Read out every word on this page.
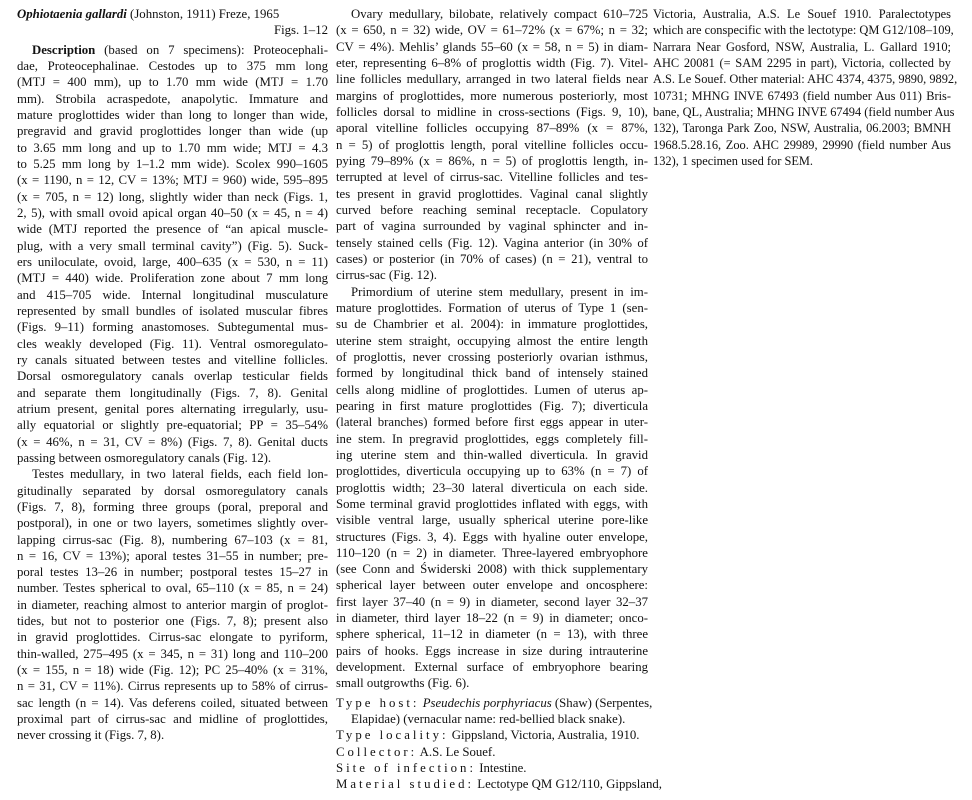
Ophiotaenia gallardi (Johnston, 1911) Freze, 1965
Figs. 1–12
Description (based on 7 specimens): Proteocephali-
dae, Proteocephalinae. Cestodes up to 375 mm long
(MTJ = 400 mm), up to 1.70 mm wide (MTJ = 1.70
mm). Strobila acraspedote, anapolytic. Immature and
mature proglottides wider than long to longer than wide,
pregravid and gravid proglottides longer than wide (up
to 3.65 mm long and up to 1.70 mm wide; MTJ = 4.3
to 5.25 mm long by 1–1.2 mm wide). Scolex 990–1605
(x = 1190, n = 12, CV = 13%; MTJ = 960) wide, 595–895
(x = 705, n = 12) long, slightly wider than neck (Figs. 1,
2, 5), with small ovoid apical organ 40–50 (x = 45, n = 4)
wide (MTJ reported the presence of “an apical muscle-
plug, with a very small terminal cavity”) (Fig. 5). Suck-
ers uniloculate, ovoid, large, 400–635 (x = 530, n = 11)
(MTJ = 440) wide. Proliferation zone about 7 mm long
and 415–705 wide. Internal longitudinal musculature
represented by small bundles of isolated muscular fibres
(Figs. 9–11) forming anastomoses. Subtegumental mus-
cles weakly developed (Fig. 11). Ventral osmoregulato-
ry canals situated between testes and vitelline follicles.
Dorsal osmoregulatory canals overlap testicular fields
and separate them longitudinally (Figs. 7, 8). Genital
atrium present, genital pores alternating irregularly, usu-
ally equatorial or slightly pre-equatorial; PP = 35–54%
(x = 46%, n = 31, CV = 8%) (Figs. 7, 8). Genital ducts
passing between osmoregulatory canals (Fig. 12).
Testes medullary, in two lateral fields, each field lon-
gitudinally separated by dorsal osmoregulatory canals
(Figs. 7, 8), forming three groups (poral, preporal and
postporal), in one or two layers, sometimes slightly over-
lapping cirrus-sac (Fig. 8), numbering 67–103 (x = 81,
n = 16, CV = 13%); aporal testes 31–55 in number; pre-
poral testes 13–26 in number; postporal testes 15–27 in
number. Testes spherical to oval, 65–110 (x = 85, n = 24)
in diameter, reaching almost to anterior margin of proglot-
tides, but not to posterior one (Figs. 7, 8); present also
in gravid proglottides. Cirrus-sac elongate to pyriform,
thin-walled, 275–495 (x = 345, n = 31) long and 110–200
(x = 155, n = 18) wide (Fig. 12); PC 25–40% (x = 31%,
n = 31, CV = 11%). Cirrus represents up to 58% of cirrus-
sac length (n = 14). Vas deferens coiled, situated between
proximal part of cirrus-sac and midline of proglottides,
never crossing it (Figs. 7, 8).
Ovary medullary, bilobate, relatively compact 610–725
(x = 650, n = 32) wide, OV = 61–72% (x = 67%; n = 32;
CV = 4%). Mehlis’ glands 55–60 (x = 58, n = 5) in diam-
eter, representing 6–8% of proglottis width (Fig. 7). Vitel-
line follicles medullary, arranged in two lateral fields near
margins of proglottides, more numerous posteriorly, most
follicles dorsal to midline in cross-sections (Figs. 9, 10),
aporal vitelline follicles occupying 87–89% (x = 87%,
n = 5) of proglottis length, poral vitelline follicles occu-
pying 79–89% (x = 86%, n = 5) of proglottis length, in-
terrupted at level of cirrus-sac. Vitelline follicles and tes-
tes present in gravid proglottides. Vaginal canal slightly
curved before reaching seminal receptacle. Copulatory
part of vagina surrounded by vaginal sphincter and in-
tensely stained cells (Fig. 12). Vagina anterior (in 30% of
cases) or posterior (in 70% of cases) (n = 21), ventral to
cirrus-sac (Fig. 12).
Primordium of uterine stem medullary, present in im-
mature proglottides. Formation of uterus of Type 1 (sen-
su de Chambrier et al. 2004): in immature proglottides,
uterine stem straight, occupying almost the entire length
of proglottis, never crossing posteriorly ovarian isthmus,
formed by longitudinal thick band of intensely stained
cells along midline of proglottides. Lumen of uterus ap-
pearing in first mature proglottides (Fig. 7); diverticula
(lateral branches) formed before first eggs appear in uter-
ine stem. In pregravid proglottides, eggs completely fill-
ing uterine stem and thin-walled diverticula. In gravid
proglottides, diverticula occupying up to 63% (n = 7) of
proglottis width; 23–30 lateral diverticula on each side.
Some terminal gravid proglottides inflated with eggs, with
visible ventral large, usually spherical uterine pore-like
structures (Figs. 3, 4). Eggs with hyaline outer envelope,
110–120 (n = 2) in diameter. Three-layered embryophore
(see Conn and Świderski 2008) with thick supplementary
spherical layer between outer envelope and oncosphere:
first layer 37–40 (n = 9) in diameter, second layer 32–37
in diameter, third layer 18–22 (n = 9) in diameter; onco-
sphere spherical, 11–12 in diameter (n = 13), with three
pairs of hooks. Eggs increase in size during intrauterine
development. External surface of embryophore bearing
small outgrowths (Fig. 6).
Type host: Pseudechis porphyriacus (Shaw) (Serpentes,
Elapidae) (vernacular name: red-bellied black snake).
Type locality: Gippsland, Victoria, Australia, 1910.
Collector: A.S. Le Souef.
Site of infection: Intestine.
Material studied: Lectotype QM G12/110, Gippsland,
Victoria, Australia, A.S. Le Souef 1910. Paralectotypes
which are conspecific with the lectotype: QM G12/108–109,
Narrara Near Gosford, NSW, Australia, L. Gallard 1910;
AHC 20081 (= SAM 2295 in part), Victoria, collected by
A.S. Le Souef. Other material: AHC 4374, 4375, 9890, 9892,
10731; MHNG INVE 67493 (field number Aus 011) Bris-
bane, QL, Australia; MHNG INVE 67494 (field number Aus
132), Taronga Park Zoo, NSW, Australia, 06.2003; BMNH
1968.5.28.16, Zoo. AHC 29989, 29990 (field number Aus
132), 1 specimen used for SEM.
